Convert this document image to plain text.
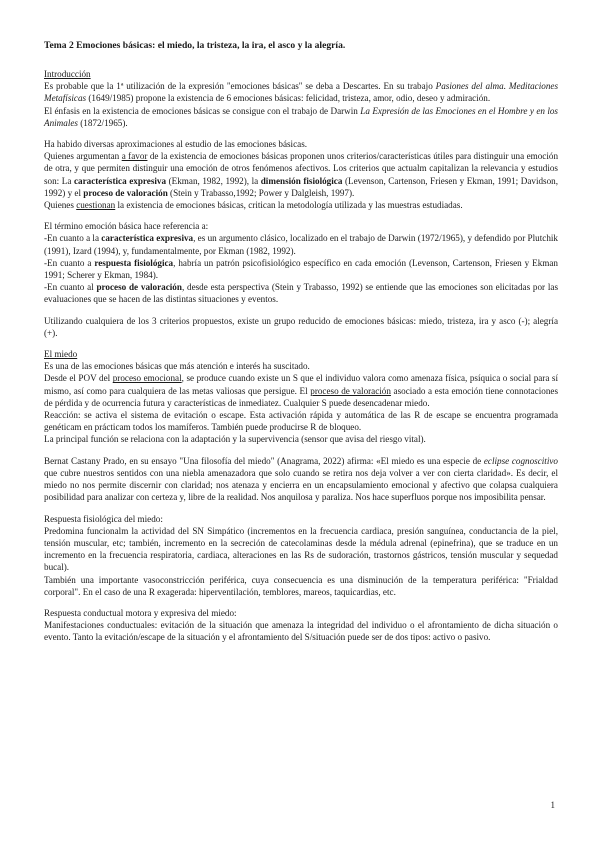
Tema 2 Emociones básicas: el miedo, la tristeza, la ira, el asco y la alegría.
Introducción

Es probable que la 1ª utilización de la expresión "emociones básicas" se deba a Descartes. En su trabajo Pasiones del alma. Meditaciones Metafísicas (1649/1985) propone la existencia de 6 emociones básicas: felicidad, tristeza, amor, odio, deseo y admiración.

El énfasis en la existencia de emociones básicas se consigue con el trabajo de Darwin La Expresión de las Emociones en el Hombre y en los Animales (1872/1965).

Ha habido diversas aproximaciones al estudio de las emociones básicas.

Quienes argumentan a favor de la existencia de emociones básicas proponen unos criterios/características útiles para distinguir una emoción de otra, y que permiten distinguir una emoción de otros fenómenos afectivos. Los criterios que actualm capitalizan la relevancia y estudios son: La característica expresiva (Ekman, 1982, 1992), la dimensión fisiológica (Levenson, Cartenson, Friesen y Ekman, 1991; Davidson, 1992) y el proceso de valoración (Stein y Trabasso,1992; Power y Dalgleish, 1997).

Quienes cuestionan la existencia de emociones básicas, critican la metodología utilizada y las muestras estudiadas.

El término emoción básica hace referencia a:

-En cuanto a la característica expresiva, es un argumento clásico, localizado en el trabajo de Darwin (1972/1965), y defendido por Plutchik (1991), Izard (1994), y, fundamentalmente, por Ekman (1982, 1992).

-En cuanto a respuesta fisiológica, habría un patrón psicofisiológico específico en cada emoción (Levenson, Cartenson, Friesen y Ekman 1991; Scherer y Ekman, 1984).

-En cuanto al proceso de valoración, desde esta perspectiva (Stein y Trabasso, 1992) se entiende que las emociones son elicitadas por las evaluaciones que se hacen de las distintas situaciones y eventos.

Utilizando cualquiera de los 3 criterios propuestos, existe un grupo reducido de emociones básicas: miedo, tristeza, ira y asco (-); alegría (+).

El miedo

Es una de las emociones básicas que más atención e interés ha suscitado.

Desde el POV del proceso emocional, se produce cuando existe un S que el individuo valora como amenaza física, psíquica o social para sí mismo, así como para cualquiera de las metas valiosas que persigue. El proceso de valoración asociado a esta emoción tiene connotaciones de pérdida y de ocurrencia futura y características de inmediatez. Cualquier S puede desencadenar miedo.

Reacción: se activa el sistema de evitación o escape. Esta activación rápida y automática de las R de escape se encuentra programada genéticam en prácticam todos los mamíferos. También puede producirse R de bloqueo.

La principal función se relaciona con la adaptación y la supervivencia (sensor que avisa del riesgo vital).

Bernat Castany Prado, en su ensayo "Una filosofía del miedo" (Anagrama, 2022) afirma: «El miedo es una especie de eclipse cognoscitivo que cubre nuestros sentidos con una niebla amenazadora que solo cuando se retira nos deja volver a ver con cierta claridad». Es decir, el miedo no nos permite discernir con claridad; nos atenaza y encierra en un encapsulamiento emocional y afectivo que colapsa cualquiera posibilidad para analizar con certeza y, libre de la realidad. Nos anquilosa y paraliza. Nos hace superfluos porque nos imposibilita pensar.

Respuesta fisiológica del miedo:

Predomina funcionalm la actividad del SN Simpático (incrementos en la frecuencia cardiaca, presión sanguínea, conductancia de la piel, tensión muscular, etc; también, incremento en la secreción de catecolaminas desde la médula adrenal (epinefrina), que se traduce en un incremento en la frecuencia respiratoria, cardiaca, alteraciones en las Rs de sudoración, trastornos gástricos, tensión muscular y sequedad bucal).

También una importante vasoconstricción periférica, cuya consecuencia es una disminución de la temperatura periférica: "Frialdad corporal". En el caso de una R exagerada: hiperventilación, temblores, mareos, taquicardias, etc.

Respuesta conductual motora y expresiva del miedo:

Manifestaciones conductuales: evitación de la situación que amenaza la integridad del individuo o el afrontamiento de dicha situación o evento. Tanto la evitación/escape de la situación y el afrontamiento del S/situación puede ser de dos tipos: activo o pasivo.

1
